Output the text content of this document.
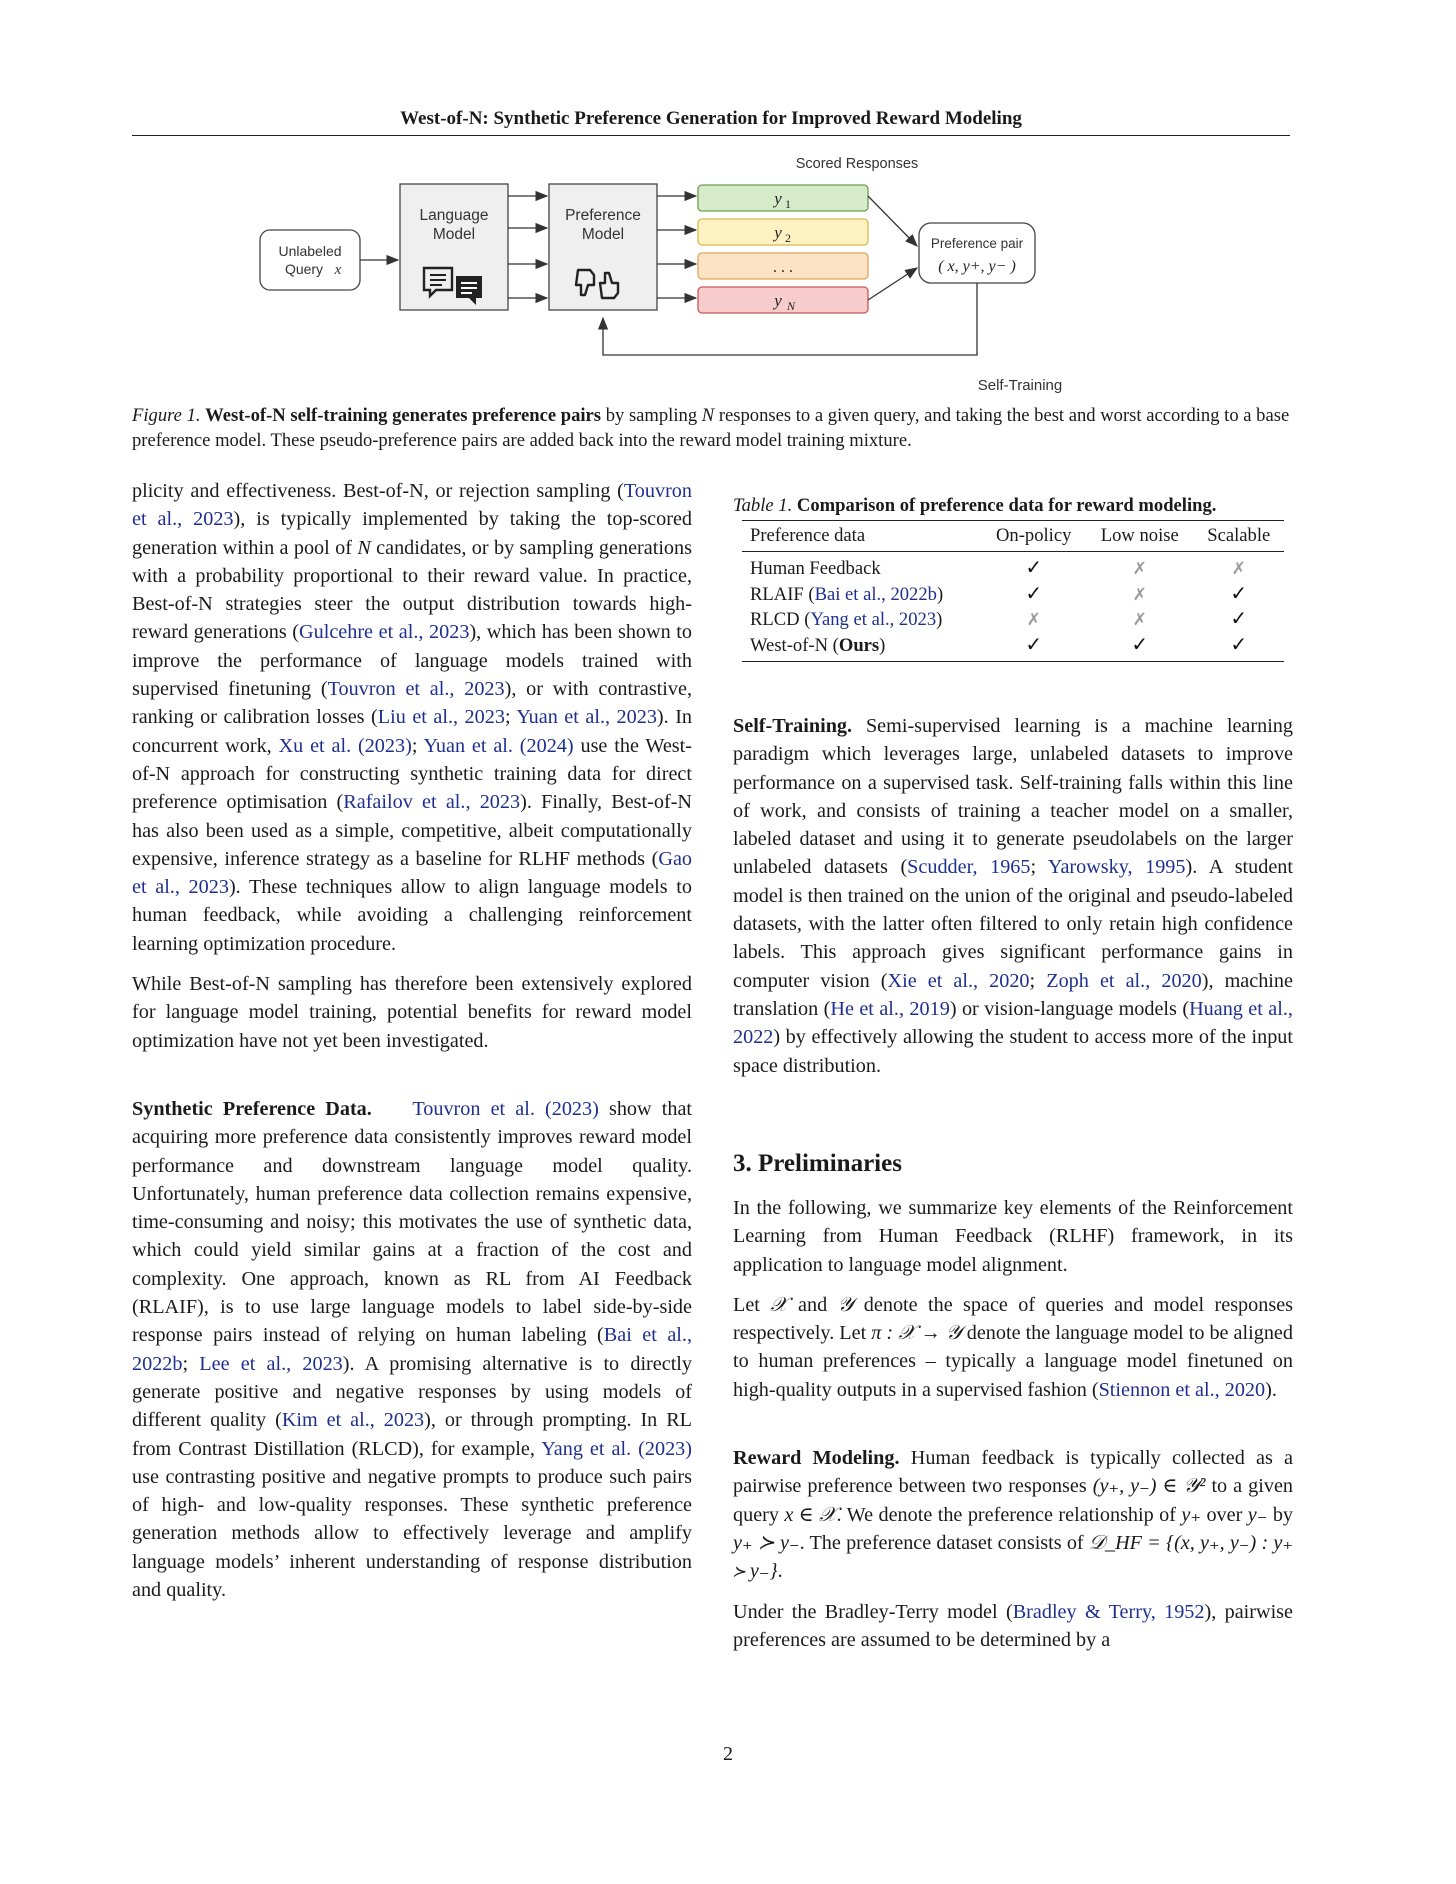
West-of-N: Synthetic Preference Generation for Improved Reward Modeling
Scored Responses
Unlabeled
Query x
Language
Model
Preference
Model
y 1
y 2
. . .
y N
Preference pair
( x, y+, y− )
Self-Training
Figure 1. West-of-N self-training generates preference pairs by sampling N responses to a given query, and taking the best and worst according to a base preference model. These pseudo-preference pairs are added back into the reward model training mixture.

plicity and effectiveness. Best-of-N, or rejection sampling (Touvron et al., 2023), is typically implemented by taking the top-scored generation within a pool of N candidates, or by sampling generations with a probability proportional to their reward value. In practice, Best-of-N strategies steer the output distribution towards high-reward generations (Gulcehre et al., 2023), which has been shown to improve the performance of language models trained with supervised finetuning (Touvron et al., 2023), or with contrastive, ranking or calibration losses (Liu et al., 2023; Yuan et al., 2023). In concurrent work, Xu et al. (2023); Yuan et al. (2024) use the West-of-N approach for constructing synthetic training data for direct preference optimisation (Rafailov et al., 2023). Finally, Best-of-N has also been used as a simple, competitive, albeit computationally expensive, inference strategy as a baseline for RLHF methods (Gao et al., 2023). These techniques allow to align language models to human feedback, while avoiding a challenging reinforcement learning optimization procedure.

While Best-of-N sampling has therefore been extensively explored for language model training, potential benefits for reward model optimization have not yet been investigated.

Synthetic Preference Data. Touvron et al. (2023) show that acquiring more preference data consistently improves reward model performance and downstream language model quality. Unfortunately, human preference data collection remains expensive, time-consuming and noisy; this motivates the use of synthetic data, which could yield similar gains at a fraction of the cost and complexity. One approach, known as RL from AI Feedback (RLAIF), is to use large language models to label side-by-side response pairs instead of relying on human labeling (Bai et al., 2022b; Lee et al., 2023). A promising alternative is to directly generate positive and negative responses by using models of different quality (Kim et al., 2023), or through prompting. In RL from Contrast Distillation (RLCD), for example, Yang et al. (2023) use contrasting positive and negative prompts to produce such pairs of high- and low-quality responses. These synthetic preference generation methods allow to effectively leverage and amplify language models’ inherent understanding of response distribution and quality.

Table 1. Comparison of preference data for reward modeling.
Preference data	On-policy	Low noise	Scalable
Human Feedback	✓	✗	✗
RLAIF (Bai et al., 2022b)	✓	✗	✓
RLCD (Yang et al., 2023)	✗	✗	✓
West-of-N (Ours)	✓	✓	✓

Self-Training. Semi-supervised learning is a machine learning paradigm which leverages large, unlabeled datasets to improve performance on a supervised task. Self-training falls within this line of work, and consists of training a teacher model on a smaller, labeled dataset and using it to generate pseudolabels on the larger unlabeled datasets (Scudder, 1965; Yarowsky, 1995). A student model is then trained on the union of the original and pseudo-labeled datasets, with the latter often filtered to only retain high confidence labels. This approach gives significant performance gains in computer vision (Xie et al., 2020; Zoph et al., 2020), machine translation (He et al., 2019) or vision-language models (Huang et al., 2022) by effectively allowing the student to access more of the input space distribution.

3. Preliminaries

In the following, we summarize key elements of the Reinforcement Learning from Human Feedback (RLHF) framework, in its application to language model alignment.

Let 𝒳 and 𝒴 denote the space of queries and model responses respectively. Let π : 𝒳 → 𝒴 denote the language model to be aligned to human preferences – typically a language model finetuned on high-quality outputs in a supervised fashion (Stiennon et al., 2020).

Reward Modeling. Human feedback is typically collected as a pairwise preference between two responses (y₊, y₋) ∈ 𝒴² to a given query x ∈ 𝒳. We denote the preference relationship of y₊ over y₋ by y₊ ≻ y₋. The preference dataset consists of 𝒟_HF = {(x, y₊, y₋) : y₊ ≻ y₋}.

Under the Bradley-Terry model (Bradley & Terry, 1952), pairwise preferences are assumed to be determined by a

2
